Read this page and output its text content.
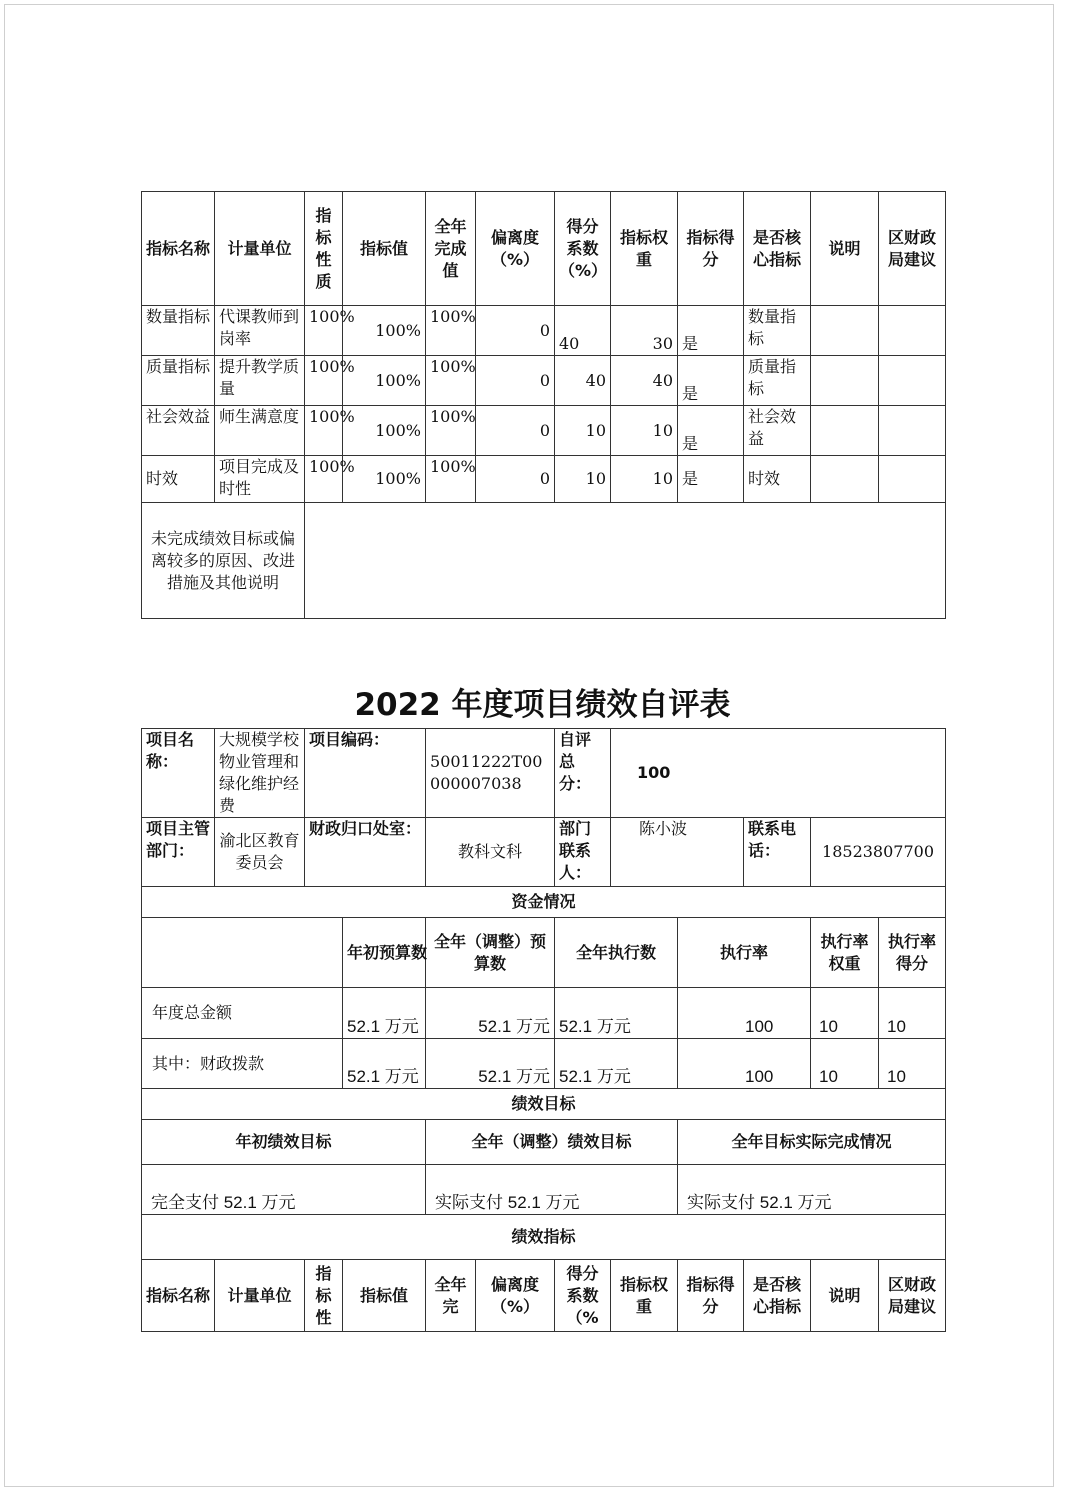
指标名称	计量单位	指标性质	指标值	全年完成值	偏离度（%）	得分系数（%）	指标权重	指标得分	是否核心指标	说明	区财政局建议
数量指标	代课教师到岗率	100%	100%	100%	0	40	30	是	数量指标		
质量指标	提升教学质量	100%	100%	100%	0	40	40	是	质量指标		
社会效益	师生满意度	100%	100%	100%	0	10	10	是	社会效益		
时效	项目完成及时性	100%	100%	100%	0	10	10	是	时效		
未完成绩效目标或偏离较多的原因、改进措施及其他说明											
2022 年度项目绩效自评表
项目名称：	大规模学校物业管理和绿化维护经费	项目编码：		50011222T00000007038		自评总分：	100				
项目主管部门：	渝北区教育委员会	财政归口处室：		教科文科		部门联系人：	陈小波		联系电话：	18523807700	
资金情况											
			年初预算数	全年（调整）预算数		全年执行数		执行率		执行率权重	执行率得分
年度总金额			52.1 万元	52.1 万元		52.1 万元		100		10	10
其中：财政拨款			52.1 万元	52.1 万元		52.1 万元		100		10	10
绩效目标											
年初绩效目标				全年（调整）绩效目标				全年目标实际完成情况			
完全支付 52.1 万元				实际支付 52.1 万元				实际支付 52.1 万元			
绩效指标											
指标名称	计量单位	指标性	指标值	全年完	偏离度（%）	得分系数（%	指标权重	指标得分	是否核心指标	说明	区财政局建议
